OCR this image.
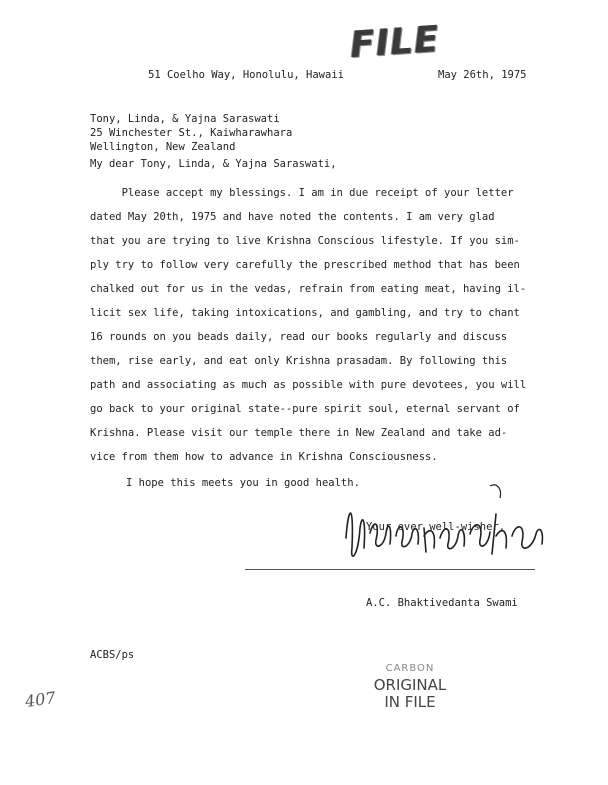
FILE
51 Coelho Way, Honolulu, Hawaii	May 26th, 1975
Tony, Linda, & Yajna Saraswati
25 Winchester St., Kaiwharawhara
Wellington, New Zealand
My dear Tony, Linda, & Yajna Saraswati,
Please accept my blessings. I am in due receipt of your letter
dated May 20th, 1975 and have noted the contents. I am very glad
that you are trying to live Krishna Conscious lifestyle. If you sim-
ply try to follow very carefully the prescribed method that has been
chalked out for us in the vedas, refrain from eating meat, having il-
licit sex life, taking intoxications, and gambling, and try to chant
16 rounds on you beads daily, read our books regularly and discuss
them, rise early, and eat only Krishna prasadam. By following this
path and associating as much as possible with pure devotees, you will
go back to your original state--pure spirit soul, eternal servant of
Krishna. Please visit our temple there in New Zealand and take ad-
vice from them how to advance in Krishna Consciousness.
I hope this meets you in good health.
Your ever well-wisher,
A.C. Bhaktivedanta Swami
ACBS/ps
CARBON
ORIGINAL
IN FILE
407
